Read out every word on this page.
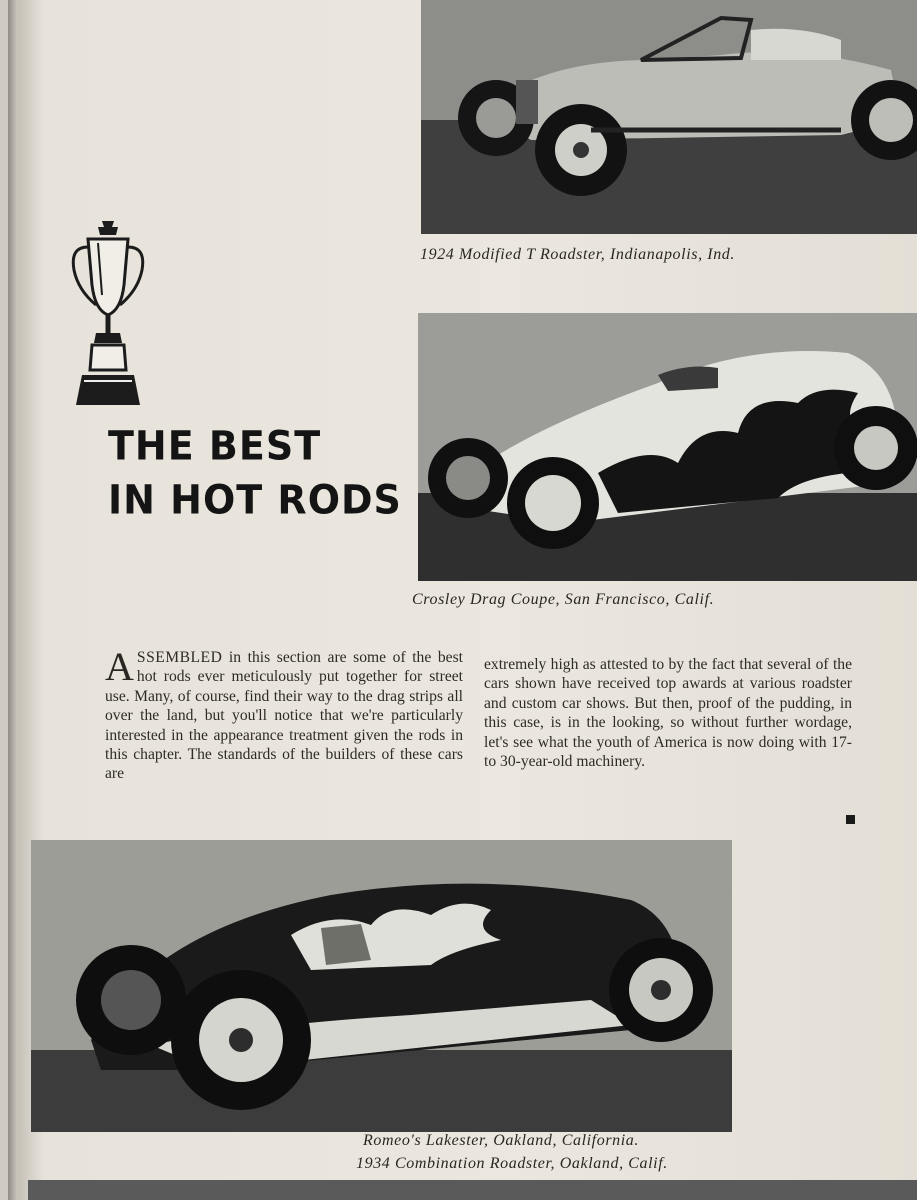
1924 Modified T Roadster, Indianapolis, Ind.
THE BEST
IN HOT RODS
Crosley Drag Coupe, San Francisco, Calif.
ASSEMBLED in this section are some of the best hot rods ever meticulously put together for street use. Many, of course, find their way to the drag strips all over the land, but you'll notice that we're particularly interested in the appearance treatment given the rods in this chapter. The standards of the builders of these cars are
extremely high as attested to by the fact that several of the cars shown have received top awards at various roadster and custom car shows. But then, proof of the pudding, in this case, is in the looking, so without further wordage, let's see what the youth of America is now doing with 17- to 30-year-old machinery.
Romeo's Lakester, Oakland, California.
1934 Combination Roadster, Oakland, Calif.
